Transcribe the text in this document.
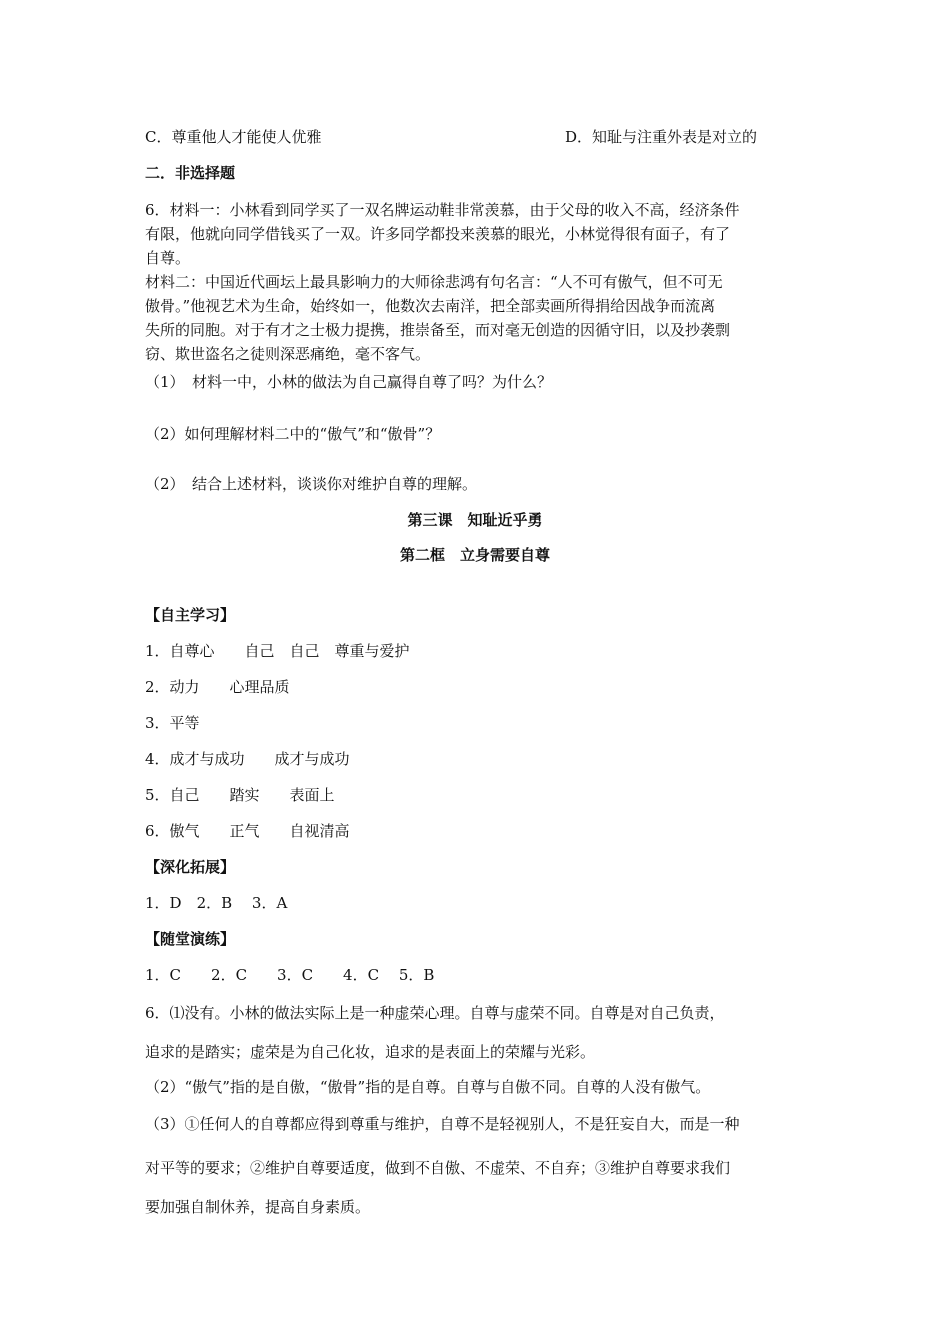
C．尊重他人才能使人优雅	D．知耻与注重外表是对立的
二．非选择题
6．材料一：小林看到同学买了一双名牌运动鞋非常羡慕，由于父母的收入不高，经济条件
有限，他就向同学借钱买了一双。许多同学都投来羡慕的眼光，小林觉得很有面子，有了
自尊。
材料二：中国近代画坛上最具影响力的大师徐悲鸿有句名言：“人不可有傲气，但不可无
傲骨。”他视艺术为生命，始终如一，他数次去南洋，把全部卖画所得捐给因战争而流离
失所的同胞。对于有才之士极力提携，推崇备至，而对毫无创造的因循守旧，以及抄袭剽
窃、欺世盗名之徒则深恶痛绝，毫不客气。
（1）　材料一中，小林的做法为自己赢得自尊了吗？为什么？
（2）如何理解材料二中的“傲气”和“傲骨”？
（2）　结合上述材料，谈谈你对维护自尊的理解。
第三课　知耻近乎勇
第二框　立身需要自尊
【自主学习】
1．自尊心　　自己　自己　尊重与爱护
2．动力　　心理品质
3．平等
4．成才与成功　　成才与成功
5．自己　　踏实　　表面上
6．傲气　　正气　　自视清高
【深化拓展】
1．D　2．B　 3．A
【随堂演练】
1．C　　2．C　　3．C　　4．C　 5．B
6．⑴没有。小林的做法实际上是一种虚荣心理。自尊与虚荣不同。自尊是对自己负责，
追求的是踏实；虚荣是为自己化妆，追求的是表面上的荣耀与光彩。
（2）“傲气”指的是自傲，“傲骨”指的是自尊。自尊与自傲不同。自尊的人没有傲气。
（3）①任何人的自尊都应得到尊重与维护，自尊不是轻视别人，不是狂妄自大，而是一种
对平等的要求；②维护自尊要适度，做到不自傲、不虚荣、不自弃；③维护自尊要求我们
要加强自制休养，提高自身素质。
